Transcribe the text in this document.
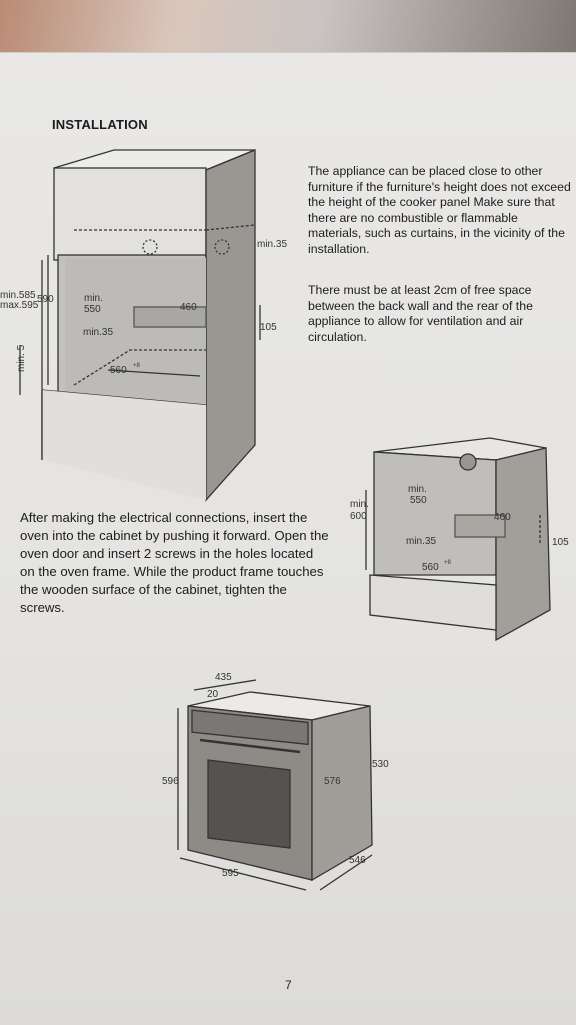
INSTALLATION
min.35
min.585
max.595
590	min.
550	460
105
min.35
min. 5	560 +8
min.
600
min.
550
460
105
min.35
560 +8
435
20
596	576
530
595
546
The appliance can be placed close to other furniture if the furniture's height does not exceed the height of the cooker panel Make sure that there are no combustible or flammable materials, such as curtains, in the vicinity of the installation.
There must be at least 2cm of free space between the back wall and the rear of the appliance to allow for ventilation and air circulation.
After making the electrical connections, insert the oven into the cabinet by pushing it forward. Open the oven door and insert 2 screws in the holes located on the oven frame. While the product frame touches the wooden surface of the cabinet, tighten the screws.
7
